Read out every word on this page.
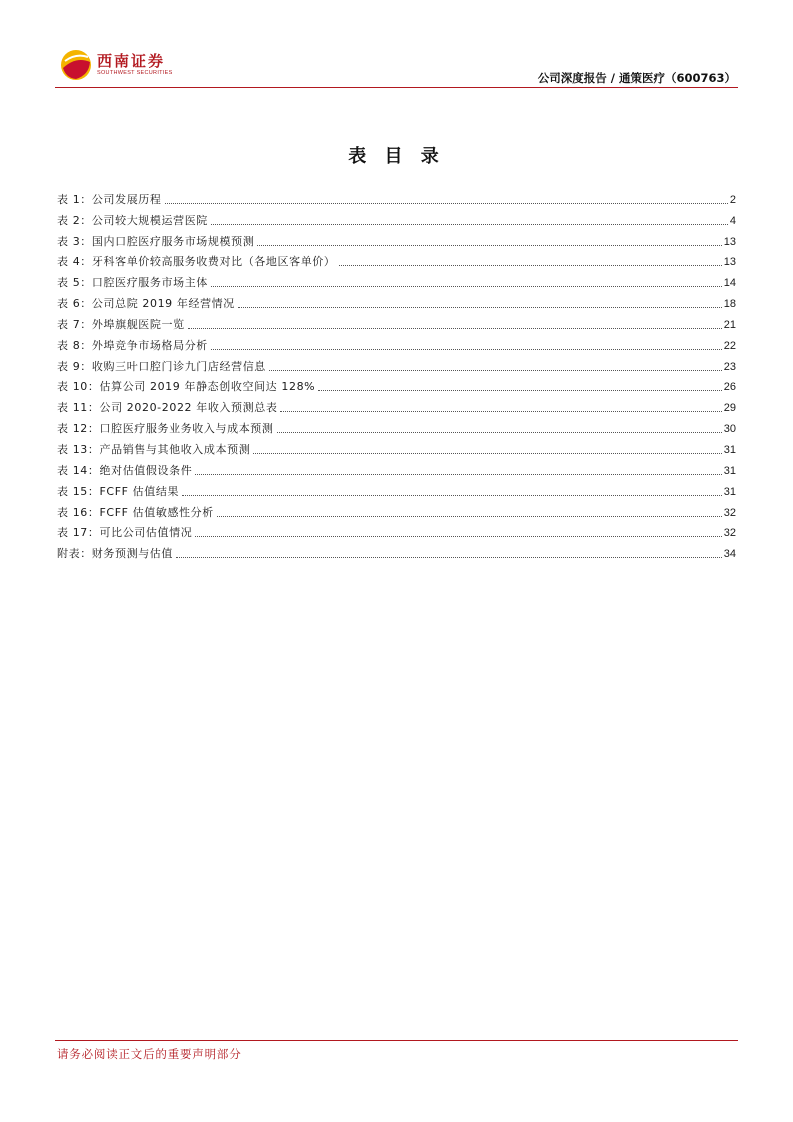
西南证券
SOUTHWEST SECURITIES	公司深度报告 / 通策医疗（600763）
表 目 录
表 1：公司发展历程	2
表 2：公司较大规模运营医院	4
表 3：国内口腔医疗服务市场规模预测	13
表 4：牙科客单价较高服务收费对比（各地区客单价）	13
表 5：口腔医疗服务市场主体	14
表 6：公司总院 2019 年经营情况	18
表 7：外埠旗舰医院一览	21
表 8：外埠竞争市场格局分析	22
表 9：收购三叶口腔门诊九门店经营信息	23
表 10：估算公司 2019 年静态创收空间达 128%	26
表 11：公司 2020-2022 年收入预测总表	29
表 12：口腔医疗服务业务收入与成本预测	30
表 13：产品销售与其他收入成本预测	31
表 14：绝对估值假设条件	31
表 15：FCFF 估值结果	31
表 16：FCFF 估值敏感性分析	32
表 17：可比公司估值情况	32
附表：财务预测与估值	34
请务必阅读正文后的重要声明部分
